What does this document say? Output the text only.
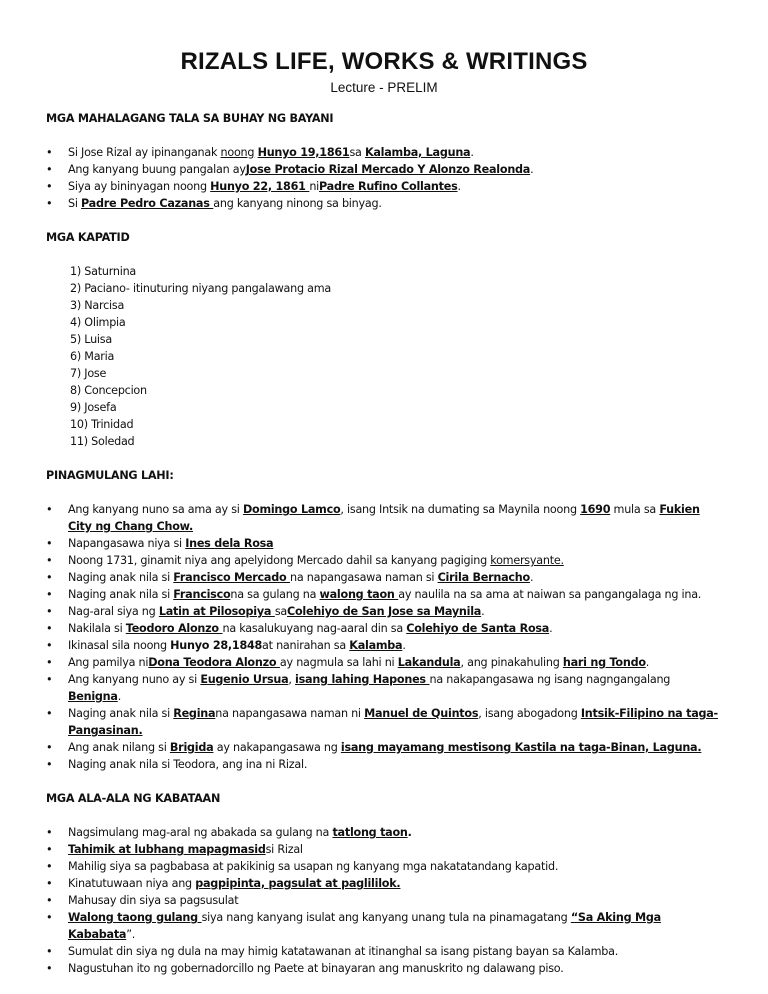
RIZALS LIFE, WORKS & WRITINGS
Lecture - PRELIM

MGA MAHALAGANG TALA SA BUHAY NG BAYANI

• Si Jose Rizal ay ipinanganak noong Hunyo 19,1861sa Kalamba, Laguna.
• Ang kanyang buung pangalan ayJose Protacio Rizal Mercado Y Alonzo Realonda.
• Siya ay bininyagan noong Hunyo 22, 1861 niPadre Rufino Collantes.
• Si Padre Pedro Cazanas ang kanyang ninong sa binyag.

MGA KAPATID

1) Saturnina
2) Paciano- itinuturing niyang pangalawang ama
3) Narcisa
4) Olimpia
5) Luisa
6) Maria
7) Jose
8) Concepcion
9) Josefa
10) Trinidad
11) Soledad

PINAGMULANG LAHI:

• Ang kanyang nuno sa ama ay si Domingo Lamco, isang Intsik na dumating sa Maynila noong 1690 mula sa Fukien City ng Chang Chow.
• Napangasawa niya si Ines dela Rosa
• Noong 1731, ginamit niya ang apelyidong Mercado dahil sa kanyang pagiging komersyante.
• Naging anak nila si Francisco Mercado na napangasawa naman si Cirila Bernacho.
• Naging anak nila si Franciscona sa gulang na walong taon ay naulila na sa ama at naiwan sa pangangalaga ng ina.
• Nag-aral siya ng Latin at Pilosopiya saColehiyo de San Jose sa Maynila.
• Nakilala si Teodoro Alonzo na kasalukuyang nag-aaral din sa Colehiyo de Santa Rosa.
• Ikinasal sila noong Hunyo 28,1848at nanirahan sa Kalamba.
• Ang pamilya niDona Teodora Alonzo ay nagmula sa lahi ni Lakandula, ang pinakahuling hari ng Tondo.
• Ang kanyang nuno ay si Eugenio Ursua, isang lahing Hapones na nakapangasawa ng isang nagngangalang Benigna.
• Naging anak nila si Reginana napangasawa naman ni Manuel de Quintos, isang abogadong Intsik-Filipino na taga-Pangasinan.
• Ang anak nilang si Brigida ay nakapangasawa ng isang mayamang mestisong Kastila na taga-Binan, Laguna.
• Naging anak nila si Teodora, ang ina ni Rizal.

MGA ALA-ALA NG KABATAAN

• Nagsimulang mag-aral ng abakada sa gulang na tatlong taon.
• Tahimik at lubhang mapagmasidsi Rizal
• Mahilig siya sa pagbabasa at pakikinig sa usapan ng kanyang mga nakatatandang kapatid.
• Kinatutuwaan niya ang pagpipinta, pagsulat at paglililok.
• Mahusay din siya sa pagsusulat
• Walong taong gulang siya nang kanyang isulat ang kanyang unang tula na pinamagatang “Sa Aking Mga Kababata”.
• Sumulat din siya ng dula na may himig katatawanan at itinanghal sa isang pistang bayan sa Kalamba.
• Nagustuhan ito ng gobernadorcillo ng Paete at binayaran ang manuskrito ng dalawang piso.
